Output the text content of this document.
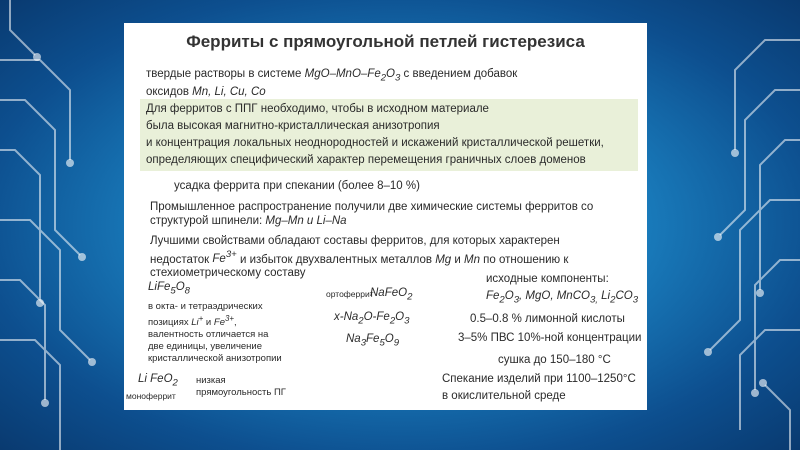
Ферриты с прямоугольной петлей гистерезиса
твердые растворы в системе MgO–$MnO-Fe_2O_3$ с введением добавок
оксидов Mn, Li, Cu, Co
Для ферритов с ППГ необходимо, чтобы в исходном материале
была высокая магнитно-кристаллическая анизотропия
и концентрация локальных неоднородностей и искажений кристаллической решетки,
определяющих специфический характер перемещения граничных слоев доменов
усадка феррита при спекании (более 8–10 %)
Промышленное распространение получили две химические системы ферритов со
структурой шпинели: Mg–Mn и Li–Na
Лучшими свойствами обладают составы ферритов, для которых характерен
недостаток $Fe^{3+}$ и избыток двухвалентных металлов Mg и Mn по отношению к
стехиометрическому составу
$LiFe_5O_8$
в окта- и тетраэдрических
позициях Li+ и $Fe^{3+}$,
валентность отличается на
две единицы, увеличение
кристаллической анизотропии
Li FeO$_2$
моноферрит
низкая
прямоугольность ПГ
ортоферрит
NaFeO$_2$
$x-Na_2O-Fe_2O_3$
$Na_3Fe_5O_9$
исходные компоненты:
$Fe_2O_3$, MgO, MnCO$_{3,}$ $Li_2CO_3$
0.5–0.8 % лимонной кислоты
3–5% ПВС 10%-ной концентрации
сушка до 150–180 °С
Спекание изделий при 1100–1250°С
в окислительной среде
